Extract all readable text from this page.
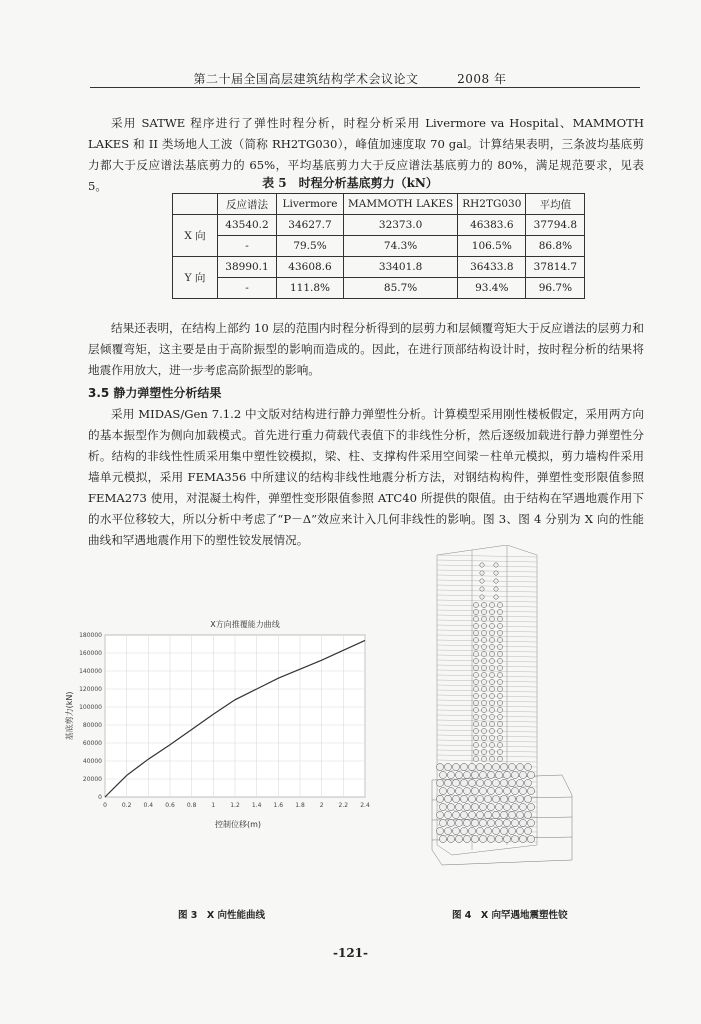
第二十届全国高层建筑结构学术会议论文	2008 年
采用 SATWE 程序进行了弹性时程分析，时程分析采用 Livermore va Hospital、MAMMOTH LAKES 和 II 类场地人工波（简称 RH2TG030），峰值加速度取 70 gal。计算结果表明，三条波均基底剪力都大于反应谱法基底剪力的 65%，平均基底剪力大于反应谱法基底剪力的 80%，满足规范要求，见表 5。	表 5　时程分析基底剪力（kN）
	反应谱法	Livermore	MAMMOTH LAKES	RH2TG030	平均值
X 向	43540.2	34627.7	32373.0	46383.6	37794.8
	-	79.5%	74.3%	106.5%	86.8%
Y 向	38990.1	43608.6	33401.8	36433.8	37814.7
	-	111.8%	85.7%	93.4%	96.7%
结果还表明，在结构上部约 10 层的范围内时程分析得到的层剪力和层倾覆弯矩大于反应谱法的层剪力和层倾覆弯矩，这主要是由于高阶振型的影响而造成的。因此，在进行顶部结构设计时，按时程分析的结果将地震作用放大，进一步考虑高阶振型的影响。
3.5 静力弹塑性分析结果
采用 MIDAS/Gen 7.1.2 中文版对结构进行静力弹塑性分析。计算模型采用刚性楼板假定，采用两方向的基本振型作为侧向加载模式。首先进行重力荷载代表值下的非线性分析，然后逐级加载进行静力弹塑性分析。结构的非线性性质采用集中塑性铰模拟，梁、柱、支撑构件采用空间梁－柱单元模拟，剪力墙构件采用墙单元模拟，采用 FEMA356 中所建议的结构非线性地震分析方法，对钢结构构件，弹塑性变形限值参照 FEMA273 使用，对混凝土构件，弹塑性变形限值参照 ATC40 所提供的限值。由于结构在罕遇地震作用下的水平位移较大，所以分析中考虑了“P－Δ”效应来计入几何非线性的影响。图 3、图 4 分别为 X 向的性能曲线和罕遇地震作用下的塑性铰发展情况。
X方向推覆能力曲线
0 0.2 0.4 0.6 0.8 1 1.2 1.4 1.6 1.8 2 2.2 2.4
0
20000
40000
60000
80000
100000
120000
140000
160000
180000
控制位移(m)
基底剪力(kN)
图 3　X 向性能曲线	图 4　X 向罕遇地震塑性铰
-121-
